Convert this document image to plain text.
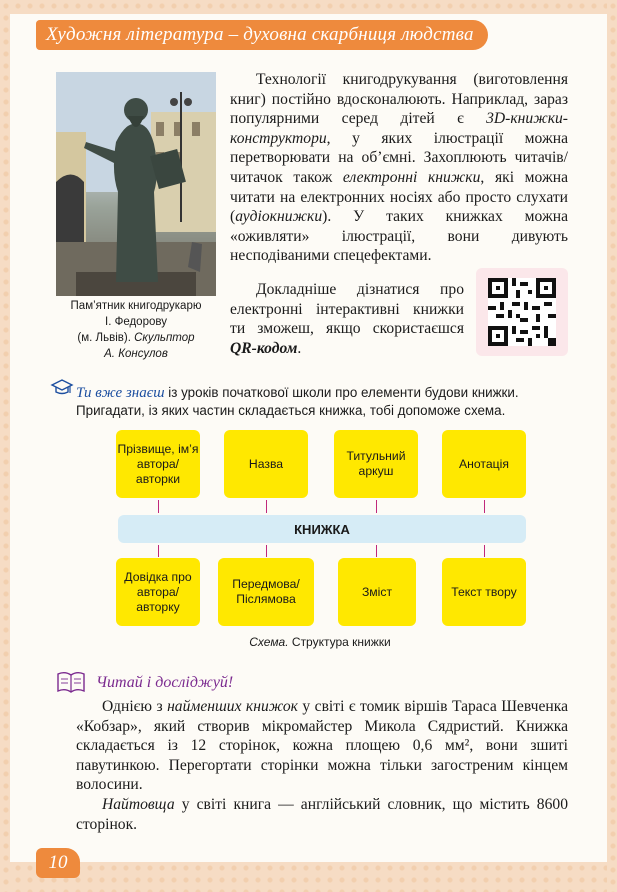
Художня література – духовна скарбниця людства
Пам’ятник книгодрукарю
І. Федорову
(м. Львів). Скульптор
А. Консулов
Технології книгодрукування (виготовлення книг) постійно вдосконалюють. Наприклад, зараз популярними серед дітей є 3D-книжки-конструктори, у яких ілюстрації можна перетворювати на об’ємні. Захоплюють читачів/читачок також електронні книжки, які можна читати на електронних носіях або просто слухати (аудіокнижки). У таких книжках можна «оживляти» ілюстрації, вони дивують несподіваними спецефектами.
Докладніше дізнатися про електронні інтерактивні книжки ти зможеш, якщо скористаєшся QR-кодом.
Ти вже знаєш із уроків початкової школи про елементи будови книжки. Пригадати, із яких частин складається книжка, тобі допоможе схема.
Прізвище, ім’я автора/ авторки
Назва
Титульний аркуш
Анотація
КНИЖКА
Довідка про автора/ авторку
Передмова/ Післямова
Зміст	Текст твору
Схема. Структура книжки
Читай і досліджуй!
Однією з найменших книжок у світі є томик віршів Тараса Шевченка «Кобзар», який створив мікромайстер Микола Сядристий. Книжка складається із 12 сторінок, кожна площею 0,6 мм², вони зшиті павутинкою. Перегортати сторінки можна тільки загостреним кінцем волосини.
Найтовща у світі книга — англійський словник, що містить 8600 сторінок.
10
